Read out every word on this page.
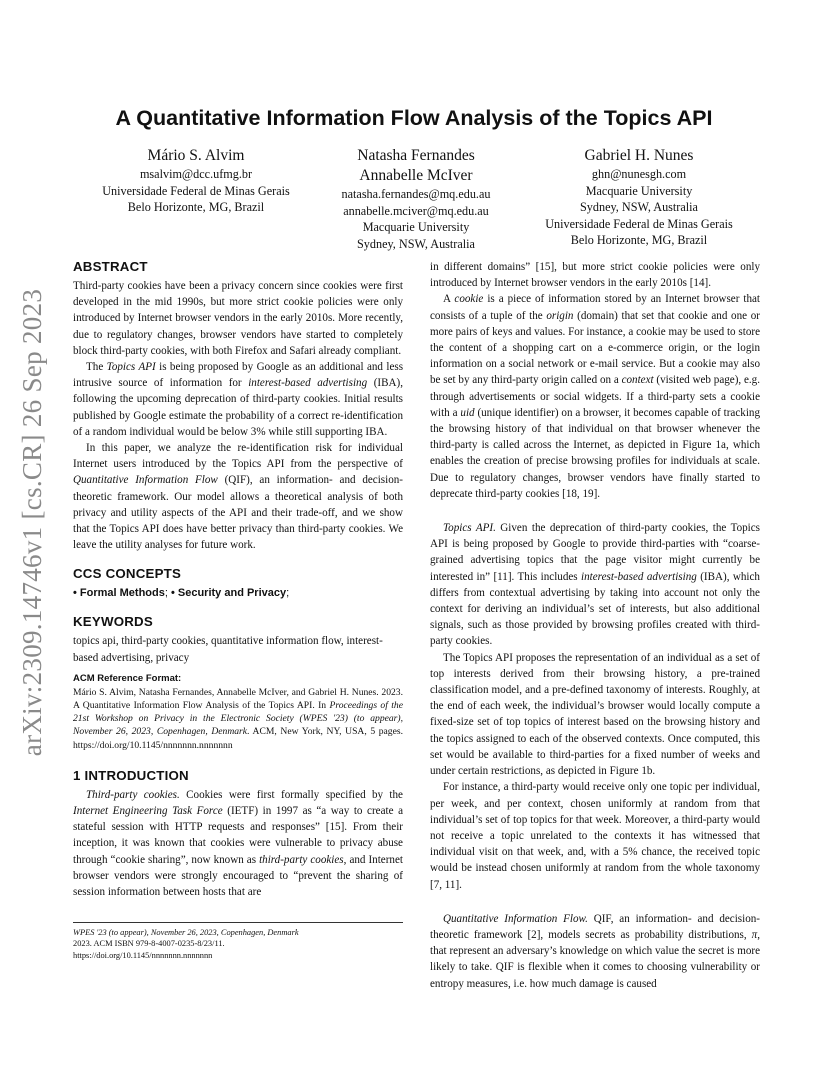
arXiv:2309.14746v1 [cs.CR] 26 Sep 2023
A Quantitative Information Flow Analysis of the Topics API
Mário S. Alvim
msalvim@dcc.ufmg.br
Universidade Federal de Minas Gerais
Belo Horizonte, MG, Brazil
Natasha Fernandes
Annabelle McIver
natasha.fernandes@mq.edu.au
annabelle.mciver@mq.edu.au
Macquarie University
Sydney, NSW, Australia
Gabriel H. Nunes
ghn@nunesgh.com
Macquarie University
Sydney, NSW, Australia
Universidade Federal de Minas Gerais
Belo Horizonte, MG, Brazil
ABSTRACT

Third-party cookies have been a privacy concern since cookies were first developed in the mid 1990s, but more strict cookie policies were only introduced by Internet browser vendors in the early 2010s. More recently, due to regulatory changes, browser vendors have started to completely block third-party cookies, with both Firefox and Safari already compliant.

The Topics API is being proposed by Google as an additional and less intrusive source of information for interest-based advertising (IBA), following the upcoming deprecation of third-party cookies. Initial results published by Google estimate the probability of a correct re-identification of a random individual would be below 3% while still supporting IBA.

In this paper, we analyze the re-identification risk for individual Internet users introduced by the Topics API from the perspective of Quantitative Information Flow (QIF), an information- and decision-theoretic framework. Our model allows a theoretical analysis of both privacy and utility aspects of the API and their trade-off, and we show that the Topics API does have better privacy than third-party cookies. We leave the utility analyses for future work.

CCS CONCEPTS
• Formal Methods; • Security and Privacy;
KEYWORDS

topics api, third-party cookies, quantitative information flow, interest-based advertising, privacy

ACM Reference Format:
Mário S. Alvim, Natasha Fernandes, Annabelle McIver, and Gabriel H. Nunes. 2023. A Quantitative Information Flow Analysis of the Topics API. In Proceedings of the 21st Workshop on Privacy in the Electronic Society (WPES '23) (to appear), November 26, 2023, Copenhagen, Denmark. ACM, New York, NY, USA, 5 pages. https://doi.org/10.1145/nnnnnnn.nnnnnnn
1 INTRODUCTION

Third-party cookies. Cookies were first formally specified by the Internet Engineering Task Force (IETF) in 1997 as “a way to create a stateful session with HTTP requests and responses” [15]. From their inception, it was known that cookies were vulnerable to privacy abuse through “cookie sharing”, now known as third-party cookies, and Internet browser vendors were strongly encouraged to “prevent the sharing of session information between hosts that are

WPES '23 (to appear), November 26, 2023, Copenhagen, Denmark
2023. ACM ISBN 979-8-4007-0235-8/23/11.
https://doi.org/10.1145/nnnnnnn.nnnnnnn

in different domains” [15], but more strict cookie policies were only introduced by Internet browser vendors in the early 2010s [14].

A cookie is a piece of information stored by an Internet browser that consists of a tuple of the origin (domain) that set that cookie and one or more pairs of keys and values. For instance, a cookie may be used to store the content of a shopping cart on a e-commerce origin, or the login information on a social network or e-mail service. But a cookie may also be set by any third-party origin called on a context (visited web page), e.g. through advertisements or social widgets. If a third-party sets a cookie with a uid (unique identifier) on a browser, it becomes capable of tracking the browsing history of that individual on that browser whenever the third-party is called across the Internet, as depicted in Figure 1a, which enables the creation of precise browsing profiles for individuals at scale. Due to regulatory changes, browser vendors have finally started to deprecate third-party cookies [18, 19].

Topics API. Given the deprecation of third-party cookies, the Topics API is being proposed by Google to provide third-parties with “coarse-grained advertising topics that the page visitor might currently be interested in” [11]. This includes interest-based advertising (IBA), which differs from contextual advertising by taking into account not only the context for deriving an individual’s set of interests, but also additional signals, such as those provided by browsing profiles created with third-party cookies.

The Topics API proposes the representation of an individual as a set of top interests derived from their browsing history, a pre-trained classification model, and a pre-defined taxonomy of interests. Roughly, at the end of each week, the individual’s browser would locally compute a fixed-size set of top topics of interest based on the browsing history and the topics assigned to each of the observed contexts. Once computed, this set would be available to third-parties for a fixed number of weeks and under certain restrictions, as depicted in Figure 1b.

For instance, a third-party would receive only one topic per individual, per week, and per context, chosen uniformly at random from that individual’s set of top topics for that week. Moreover, a third-party would not receive a topic unrelated to the contexts it has witnessed that individual visit on that week, and, with a 5% chance, the received topic would be instead chosen uniformly at random from the whole taxonomy [7, 11].

Quantitative Information Flow. QIF, an information- and decision-theoretic framework [2], models secrets as probability distributions, π, that represent an adversary’s knowledge on which value the secret is more likely to take. QIF is flexible when it comes to choosing vulnerability or entropy measures, i.e. how much damage is caused
